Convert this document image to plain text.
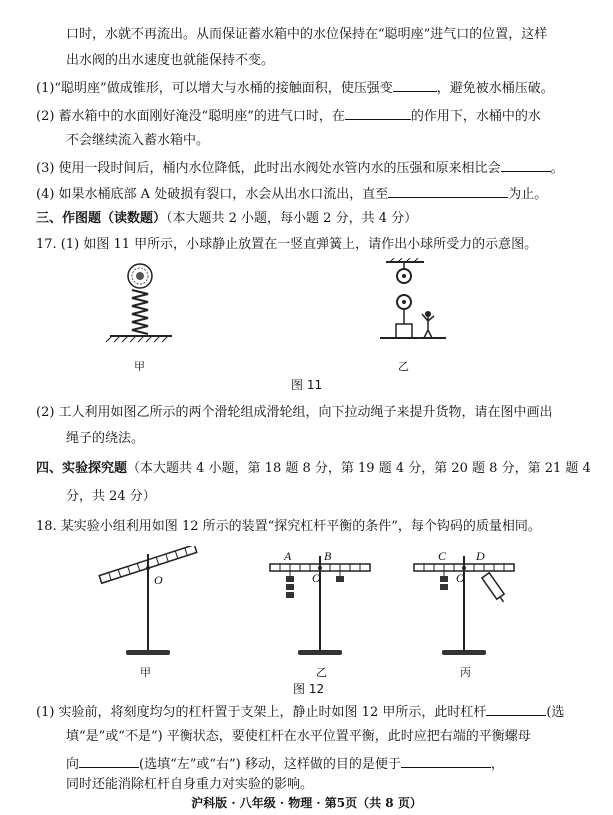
口时，水就不再流出。从而保证蓄水箱中的水位保持在“聪明座”进气口的位置，这样
出水阀的出水速度也就能保持不变。
(1)“聪明座”做成锥形，可以增大与水桶的接触面积，使压强变	，避免被水桶压破。
(2) 蓄水箱中的水面刚好淹没“聪明座”的进气口时，在	的作用下，水桶中的水
不会继续流入蓄水箱中。
(3) 使用一段时间后，桶内水位降低，此时出水阀处水管内水的压强和原来相比会	。
(4) 如果水桶底部 A 处破损有裂口，水会从出水口流出，直至	为止。
三、作图题（读数题）（本大题共 2 小题，每小题 2 分，共 4 分）
17. (1) 如图 11 甲所示，小球静止放置在一竖直弹簧上，请作出小球所受力的示意图。
甲	乙
图 11
(2) 工人利用如图乙所示的两个滑轮组成滑轮组，向下拉动绳子来提升货物，请在图中画出
绳子的绕法。
四、实验探究题（本大题共 4 小题，第 18 题 8 分，第 19 题 4 分，第 20 题 8 分，第 21 题 4
分，共 24 分）
18. 某实验小组利用如图 12 所示的装置“探究杠杆平衡的条件”，每个钩码的质量相同。
O
A	B
O
C D
O
甲	乙	丙
图 12
(1) 实验前，将刻度均匀的杠杆置于支架上，静止时如图 12 甲所示，此时杠杆	(选
填“是”或“不是”) 平衡状态，要使杠杆在水平位置平衡，此时应把右端的平衡螺母
向	(选填“左”或“右”) 移动，这样做的目的是便于	，
同时还能消除杠杆自身重力对实验的影响。
沪科版 · 八年级 · 物理 · 第5页（共 8 页）
